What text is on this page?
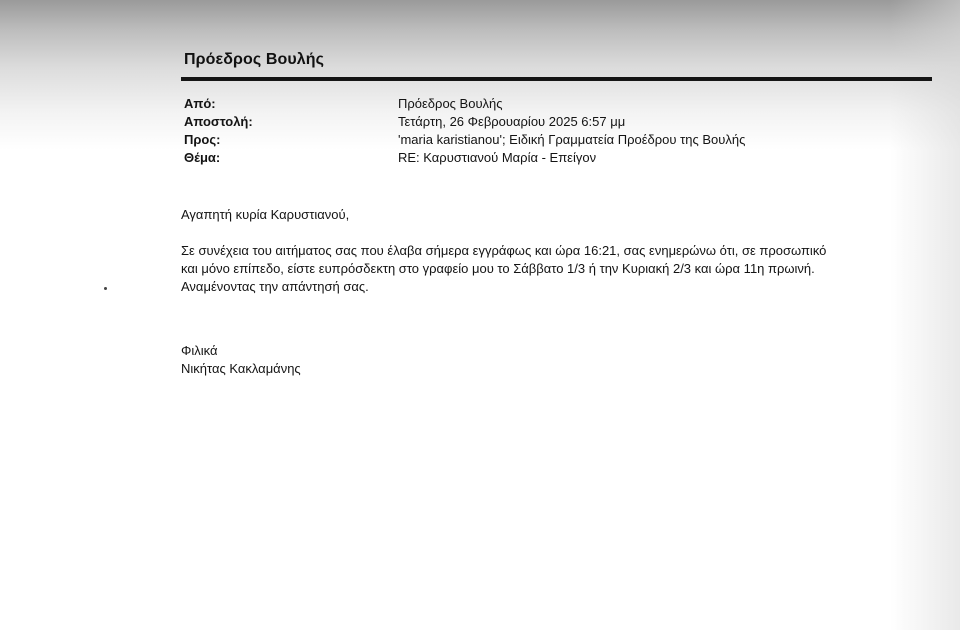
Πρόεδρος Βουλής
Από:	Πρόεδρος Βουλής
Αποστολή:	Τετάρτη, 26 Φεβρουαρίου 2025 6:57 μμ
Προς:	'maria karistianou'; Ειδική Γραμματεία Προέδρου της Βουλής
Θέμα:	RE: Καρυστιανού Μαρία - Επείγον

Αγαπητή κυρία Καρυστιανού,

Σε συνέχεια του αιτήματος σας που έλαβα σήμερα εγγράφως και ώρα 16:21, σας ενημερώνω ότι, σε προσωπικό

και μόνο επίπεδο, είστε ευπρόσδεκτη στο γραφείο μου το Σάββατο 1/3 ή την Κυριακή 2/3 και ώρα 11η πρωινή.

Αναμένοντας την απάντησή σας.

Φιλικά
Νικήτας Κακλαμάνης
